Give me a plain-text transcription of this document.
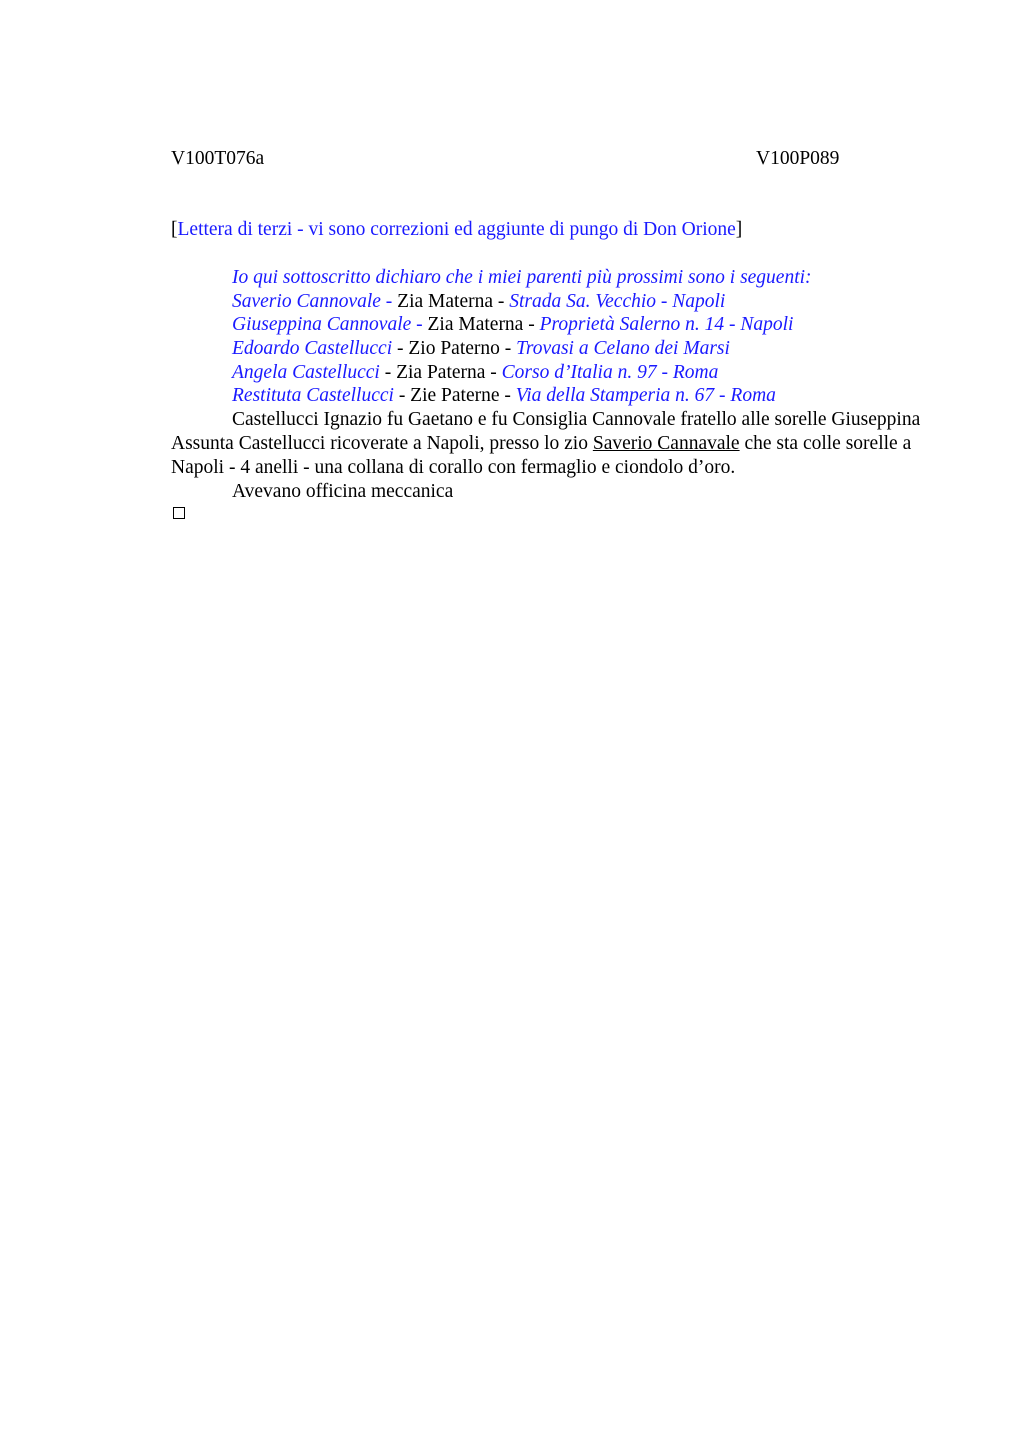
V100T076a	V100P089
[Lettera di terzi - vi sono correzioni ed aggiunte di pungo di Don Orione]
Io qui sottoscritto dichiaro che i miei parenti più prossimi sono i seguenti:
Saverio Cannovale - Zia Materna - Strada Sa. Vecchio - Napoli
Giuseppina Cannovale - Zia Materna - Proprietà Salerno n. 14 - Napoli
Edoardo Castellucci - Zio Paterno - Trovasi a Celano dei Marsi
Angela Castellucci - Zia Paterna - Corso d’Italia n. 97 - Roma
Restituta Castellucci - Zie Paterne - Via della Stamperia n. 67 - Roma
Castellucci Ignazio fu Gaetano e fu Consiglia Cannovale fratello alle sorelle Giuseppina Assunta Castellucci ricoverate a Napoli, presso lo zio Saverio Cannavale che sta colle sorelle a Napoli - 4 anelli - una collana di corallo con fermaglio e ciondolo d’oro.
Avevano officina meccanica
